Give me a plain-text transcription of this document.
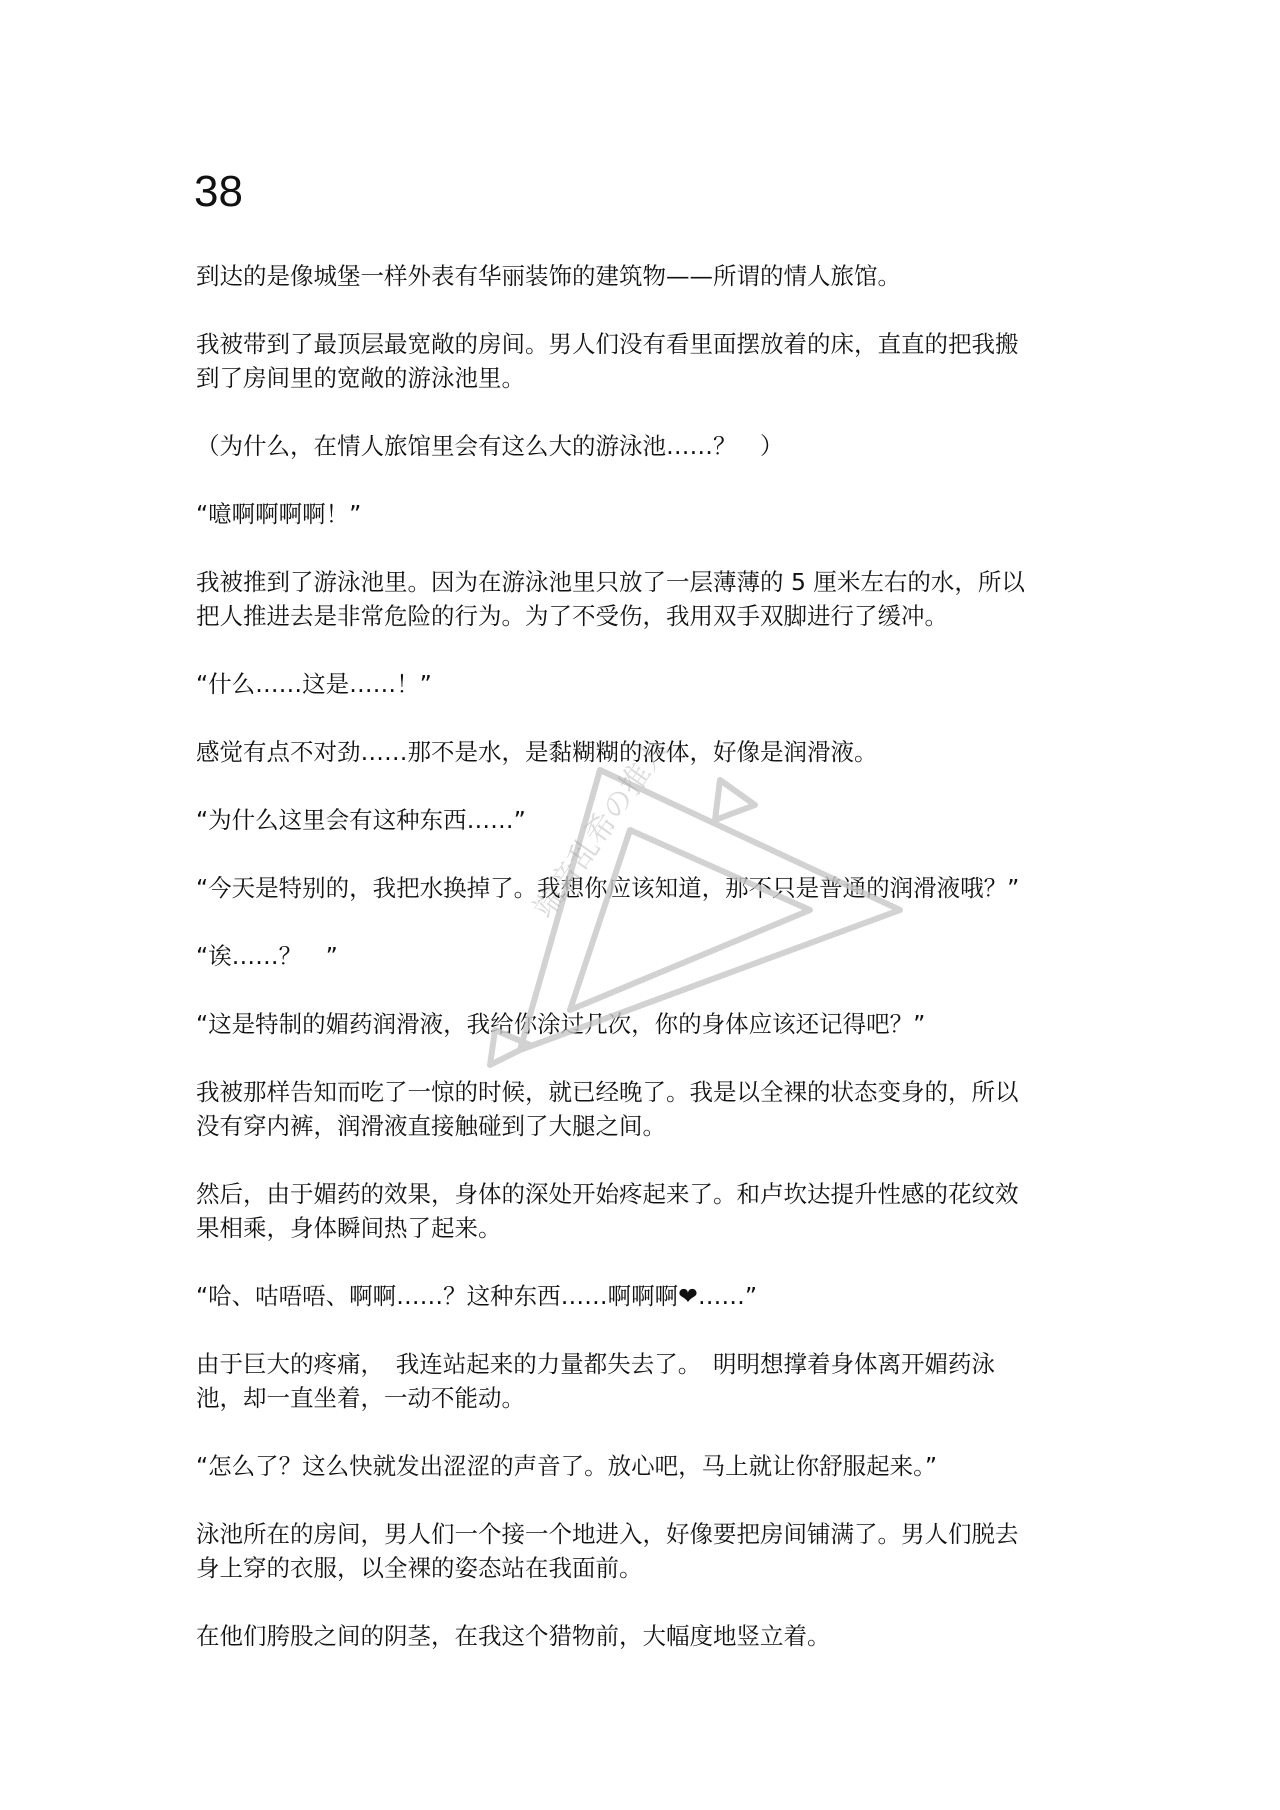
38

到达的是像城堡一样外表有华丽装饰的建筑物——所谓的情人旅馆。

我被带到了最顶层最宽敞的房间。男人们没有看里面摆放着的床，直直的把我搬
到了房间里的宽敞的游泳池里。

（为什么，在情人旅馆里会有这么大的游泳池……？　）

“噫啊啊啊啊！”

我被推到了游泳池里。因为在游泳池里只放了一层薄薄的 5 厘米左右的水，所以
把人推进去是非常危险的行为。为了不受伤，我用双手双脚进行了缓冲。

“什么……这是……！”

感觉有点不对劲……那不是水，是黏糊糊的液体，好像是润滑液。

“为什么这里会有这种东西……”

“今天是特别的，我把水换掉了。我想你应该知道，那不只是普通的润滑液哦？”

“诶……？　”

“这是特制的媚药润滑液，我给你涂过几次，你的身体应该还记得吧？”

我被那样告知而吃了一惊的时候，就已经晚了。我是以全裸的状态变身的，所以
没有穿内裤，润滑液直接触碰到了大腿之间。

然后，由于媚药的效果，身体的深处开始疼起来了。和卢坎达提升性感的花纹效
果相乘，身体瞬间热了起来。

“哈、咕唔唔、啊啊……？这种东西……啊啊啊❤……”

由于巨大的疼痛，　我连站起来的力量都失去了。　明明想撑着身体离开媚药泳
池，却一直坐着，一动不能动。

“怎么了？这么快就发出涩涩的声音了。放心吧，马上就让你舒服起来。”

泳池所在的房间，男人们一个接一个地进入，好像要把房间铺满了。男人们脱去
身上穿的衣服，以全裸的姿态站在我面前。

在他们胯股之间的阴茎，在我这个猎物前，大幅度地竖立着。

端音乱希の推人
